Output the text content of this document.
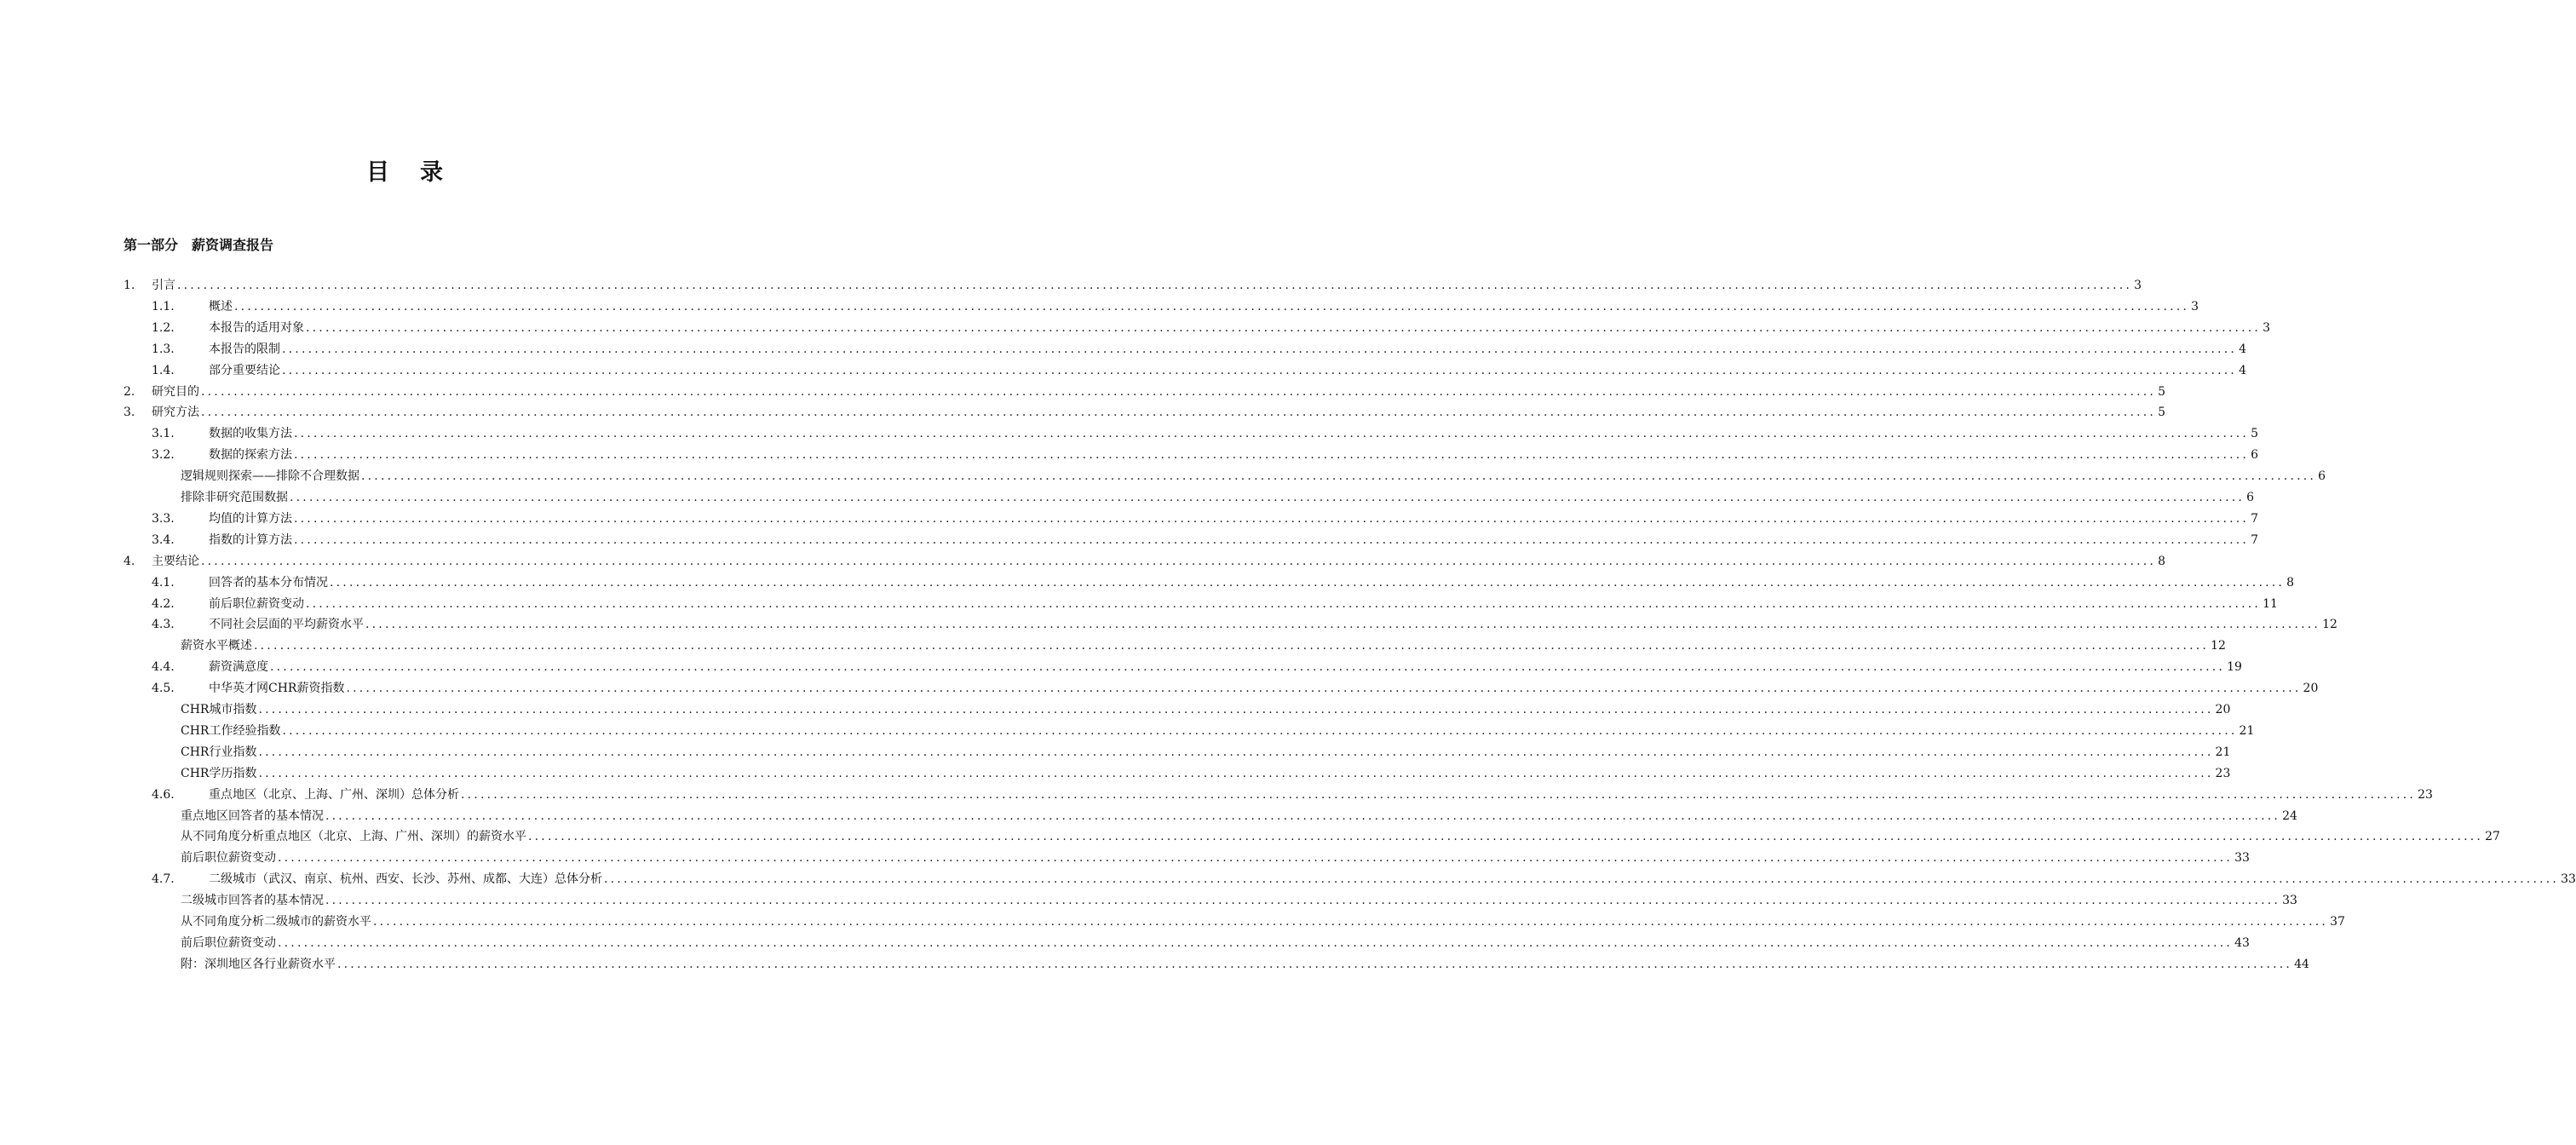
目 录
第一部分 薪资调查报告
1. 引言 ............................................................................................................................................................................................................................................................................................................ 3
1.1.	概述 ............................................................................................................................................................................................................................................................................................................ 3
1.2.	本报告的适用对象 ............................................................................................................................................................................................................................................................................................................ 3
1.3.	本报告的限制 ............................................................................................................................................................................................................................................................................................................ 4
1.4.	部分重要结论 ............................................................................................................................................................................................................................................................................................................ 4
2. 研究目的 ............................................................................................................................................................................................................................................................................................................ 5
3. 研究方法 ............................................................................................................................................................................................................................................................................................................ 5
3.1.	数据的收集方法 ............................................................................................................................................................................................................................................................................................................ 5
3.2.	数据的探索方法 ............................................................................................................................................................................................................................................................................................................ 6
逻辑规则探索——排除不合理数据 ............................................................................................................................................................................................................................................................................................................ 6
排除非研究范围数据 ............................................................................................................................................................................................................................................................................................................ 6
3.3.	均值的计算方法 ............................................................................................................................................................................................................................................................................................................ 7
3.4.	指数的计算方法 ............................................................................................................................................................................................................................................................................................................ 7
4. 主要结论 ............................................................................................................................................................................................................................................................................................................ 8
4.1.	回答者的基本分布情况 ............................................................................................................................................................................................................................................................................................................ 8
4.2.	前后职位薪资变动 ............................................................................................................................................................................................................................................................................................................ 11
4.3.	不同社会层面的平均薪资水平 ............................................................................................................................................................................................................................................................................................................ 12
薪资水平概述 ............................................................................................................................................................................................................................................................................................................ 12
4.4.	薪资满意度 ............................................................................................................................................................................................................................................................................................................ 19
4.5.	中华英才网CHR薪资指数 ............................................................................................................................................................................................................................................................................................................ 20
CHR城市指数 ............................................................................................................................................................................................................................................................................................................ 20
CHR工作经验指数 ............................................................................................................................................................................................................................................................................................................ 21
CHR行业指数 ............................................................................................................................................................................................................................................................................................................ 21
CHR学历指数 ............................................................................................................................................................................................................................................................................................................ 23
4.6.	重点地区（北京、上海、广州、深圳）总体分析 ............................................................................................................................................................................................................................................................................................................ 23
重点地区回答者的基本情况 ............................................................................................................................................................................................................................................................................................................ 24
从不同角度分析重点地区（北京、上海、广州、深圳）的薪资水平 ............................................................................................................................................................................................................................................................................................................ 27
前后职位薪资变动 ............................................................................................................................................................................................................................................................................................................ 33
4.7.	二级城市（武汉、南京、杭州、西安、长沙、苏州、成都、大连）总体分析 ............................................................................................................................................................................................................................................................................................................ 33
二级城市回答者的基本情况 ............................................................................................................................................................................................................................................................................................................ 33
从不同角度分析二级城市的薪资水平 ............................................................................................................................................................................................................................................................................................................ 37
前后职位薪资变动 ............................................................................................................................................................................................................................................................................................................ 43
附：深圳地区各行业薪资水平 ............................................................................................................................................................................................................................................................................................................ 44
